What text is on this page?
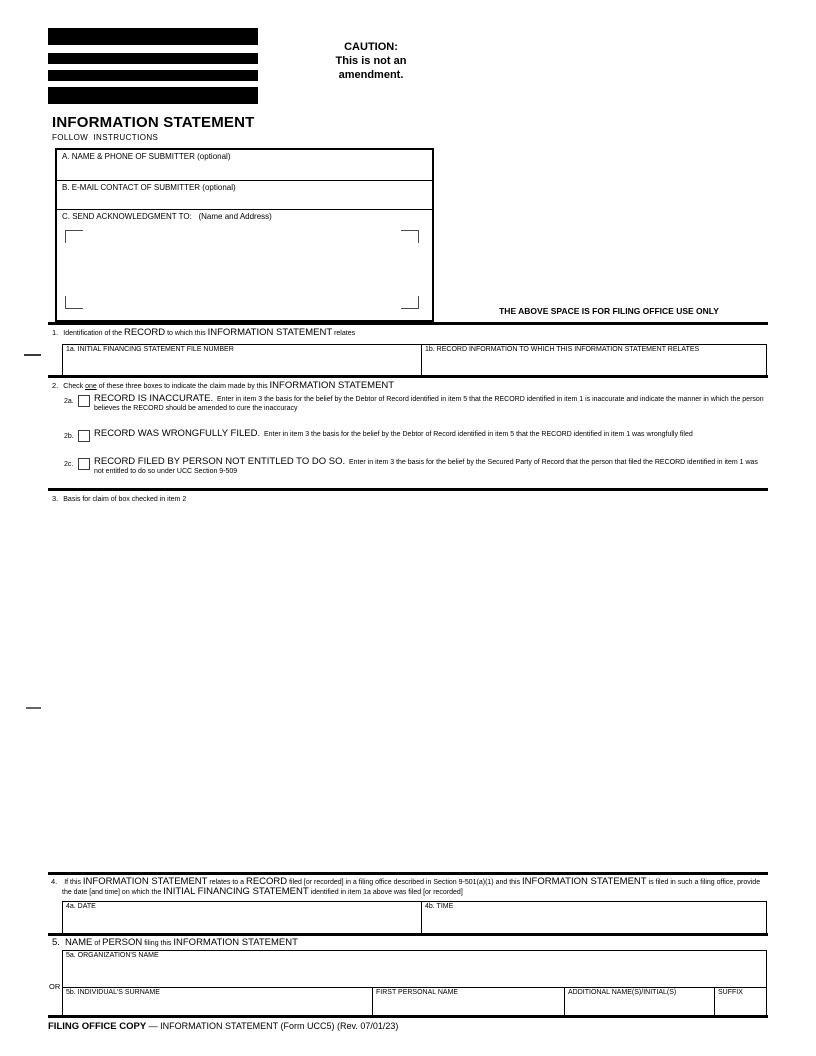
CAUTION:
This is not an
amendment.
INFORMATION STATEMENT
FOLLOW  INSTRUCTIONS
A. NAME & PHONE OF SUBMITTER (optional)
B. E-MAIL CONTACT OF SUBMITTER (optional)
C. SEND ACKNOWLEDGMENT TO:   (Name and Address)

THE ABOVE SPACE IS FOR FILING OFFICE USE ONLY
1. Identification of the RECORD to which this INFORMATION STATEMENT relates
1a. INITIAL FINANCING STATEMENT FILE NUMBER	1b. RECORD INFORMATION TO WHICH THIS INFORMATION STATEMENT RELATES
2. Check one of these three boxes to indicate the claim made by this INFORMATION STATEMENT
2a.	RECORD IS INACCURATE.  Enter in item 3 the basis for the belief by the Debtor of Record identified in item 5 that the RECORD identified in item 1 is inaccurate and indicate the manner in which the person believes the RECORD should be amended to cure the inaccuracy
2b.	RECORD WAS WRONGFULLY FILED.  Enter in item 3 the basis for the belief by the Debtor of Record identified in item 5 that the RECORD identified in item 1 was wrongfully filed
2c.	RECORD FILED BY PERSON NOT ENTITLED TO DO SO.  Enter in item 3 the basis for the belief by the Secured Party of Record that the person that filed the RECORD identified in item 1 was not entitled to do so under UCC Section 9-509
3. Basis for claim of box checked in item 2
4. If this INFORMATION STATEMENT relates to a RECORD filed [or recorded] in a filing office described in Section 9-501(a)(1) and this INFORMATION STATEMENT is filed in such a filing office, provide the date [and time] on which the INITIAL FINANCING STATEMENT identified in item 1a above was filed [or recorded]
4a. DATE	4b. TIME
5. NAME of PERSON filing this INFORMATION STATEMENT
5a. ORGANIZATION'S NAME
OR
5b. INDIVIDUAL'S SURNAME	FIRST PERSONAL NAME	ADDITIONAL NAME(S)/INITIAL(S)	SUFFIX
FILING OFFICE COPY — INFORMATION STATEMENT (Form UCC5) (Rev. 07/01/23)
